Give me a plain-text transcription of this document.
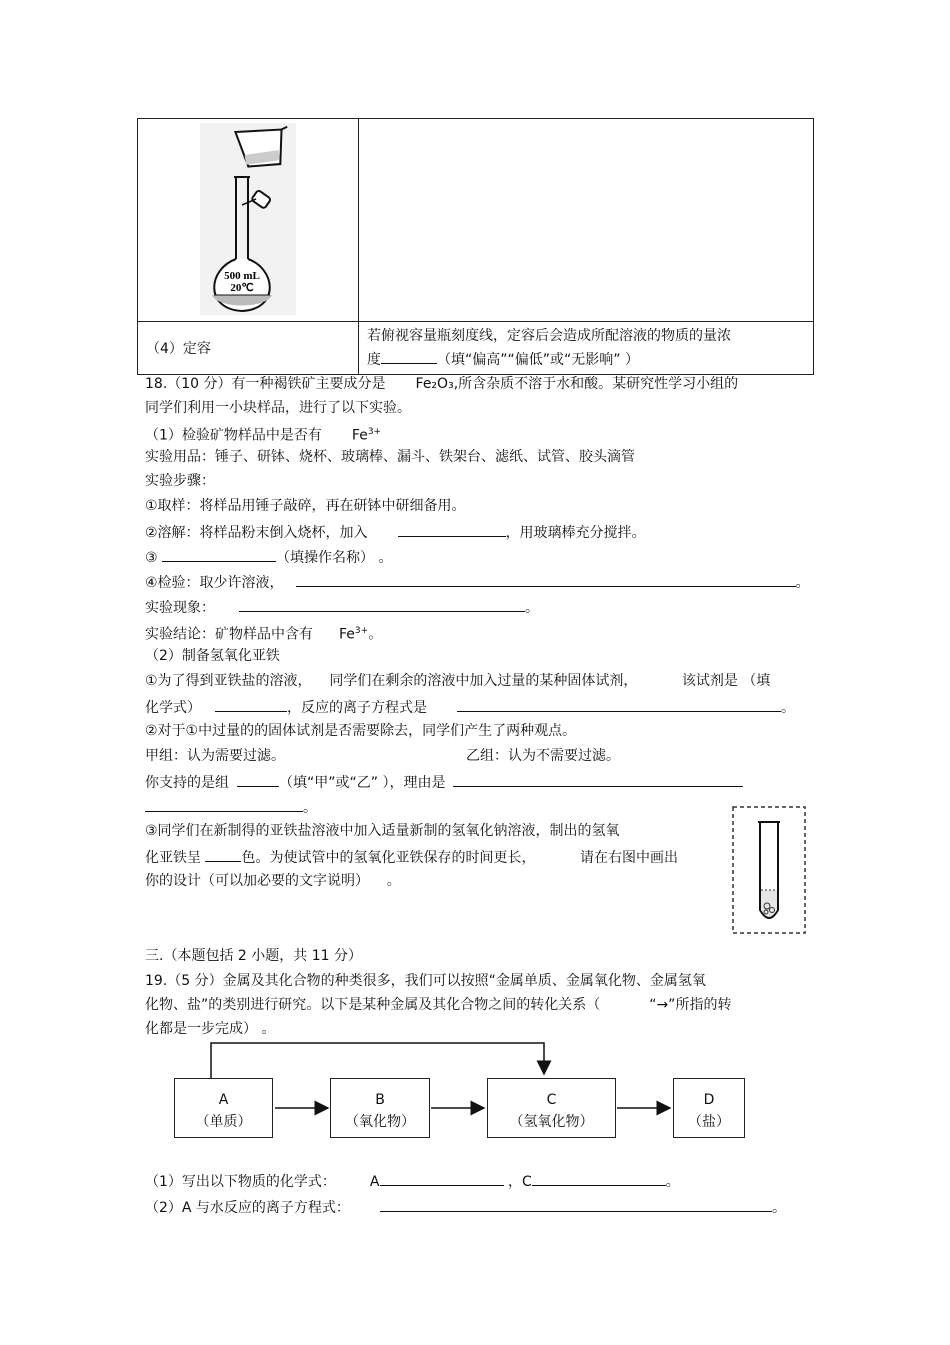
500 mL
20℃	

（4）定容	若俯视容量瓶刻度线，定容后会造成所配溶液的物质的量浓
度 （填“偏高”“偏低”或“无影响” ）
18.（10 分）有一种褐铁矿主要成分是 Fe₂O₃,所含杂质不溶于水和酸。某研究性学习小组的
同学们利用一小块样品，进行了以下实验。
（1）检验矿物样品中是否有 $Fe^{3+}$
实验用品：锤子、研钵、烧杯、玻璃棒、漏斗、铁架台、滤纸、试管、胶头滴管
实验步骤：
①取样：将样品用锤子敲碎，再在研钵中研细备用。
②溶解：将样品粉末倒入烧杯，加入	，用玻璃棒充分搅拌。
③	（填操作名称） 。
④检验：取少许溶液，	。
实验现象：	。
实验结论：矿物样品中含有 $Fe^{3+}$。
（2）制备氢氧化亚铁
①为了得到亚铁盐的溶液，    同学们在剩余的溶液中加入过量的某种固体试剂，          该试剂是 （填
化学式）	，反应的离子方程式是	。
②对于①中过量的的固体试剂是否需要除去，同学们产生了两种观点。
甲组：认为需要过滤。	乙组：认为不需要过滤。
你支持的是组	（填“甲”或“乙” ），理由是
。
③同学们在新制得的亚铁盐溶液中加入适量新制的氢氧化钠溶液，制出的氢氧
化亚铁呈	色。为使试管中的氢氧化亚铁保存的时间更长，          请在右图中画出
你的设计（可以加必要的文字说明）    。
三.（本题包括 2 小题，共 11 分）
19.（5 分）金属及其化合物的种类很多，我们可以按照“金属单质、金属氧化物、金属氢氧
化物、盐”的类别进行研究。以下是某种金属及其化合物之间的转化关系（           “→”所指的转
化都是一步完成） 。
A
（单质）
B
（氧化物）
C
（氢氧化物）
D
（盐）
（1）写出以下物质的化学式： A	，C	。
（2）A 与水反应的离子方程式：	。
